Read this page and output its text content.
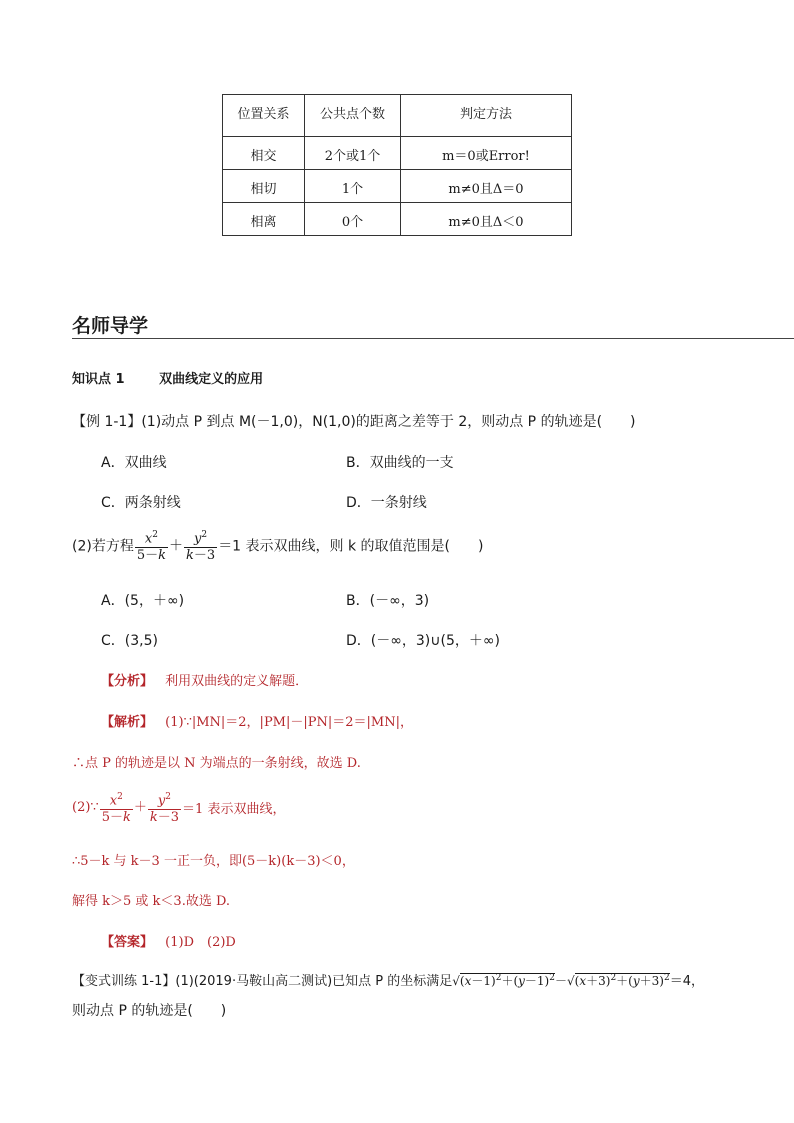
位置关系	公共点个数	判定方法
相交	2个或1个	m＝0或Error!
相切	1个	m≠0且Δ＝0
相离	0个	m≠0且Δ＜0
名师导学
知识点 1	双曲线定义的应用
【例 1-1】(1)动点 P 到点 M(－1,0)，N(1,0)的距离之差等于 2，则动点 P 的轨迹是(　　)
A．双曲线	B．双曲线的一支
C．两条射线	D．一条射线
(2)若方程 $\frac{x^2}{5-k} + \frac{y^2}{k-3} =1$ 表示双曲线，则 k 的取值范围是(　　)
A．(5，＋∞)	B．(－∞，3)
C．(3,5)	D．(－∞，3)∪(5，＋∞)
【分析】 利用双曲线的定义解题．
【解析】 (1)∵|MN|＝2，|PM|－|PN|＝2＝|MN|，
∴点 P 的轨迹是以 N 为端点的一条射线，故选 D.
(2)∵ $\frac{x^2}{5-k} + \frac{y^2}{k-3} =1$ 表示双曲线，
∴5－k 与 k－3 一正一负，即(5－k)(k－3)＜0，
解得 k＞5 或 k＜3.故选 D.
【答案】 (1)D　(2)D
【变式训练 1-1】(1)(2019·马鞍山高二测试)已知点 P 的坐标满足$√(x-1)^2+(y-1)^2-√(x+3)^2+(y+3)^2=4$，
则动点 P 的轨迹是(　　)
